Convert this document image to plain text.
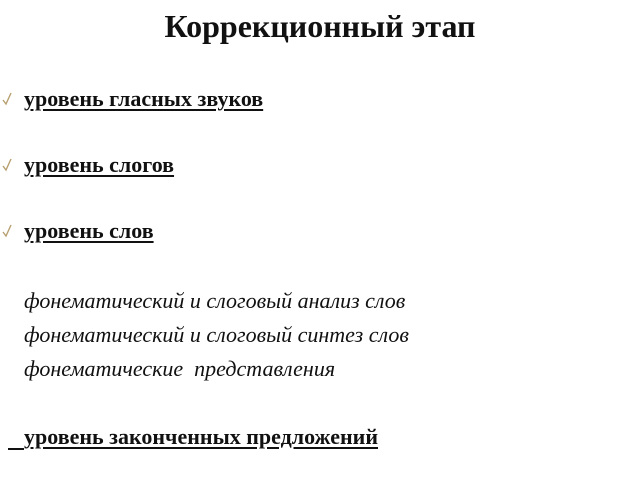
Коррекционный этап
уровень гласных звуков
уровень слогов
уровень слов
фонематический и слоговый анализ слов
фонематический и слоговый синтез слов
фонематические  представления
уровень законченных предложений
